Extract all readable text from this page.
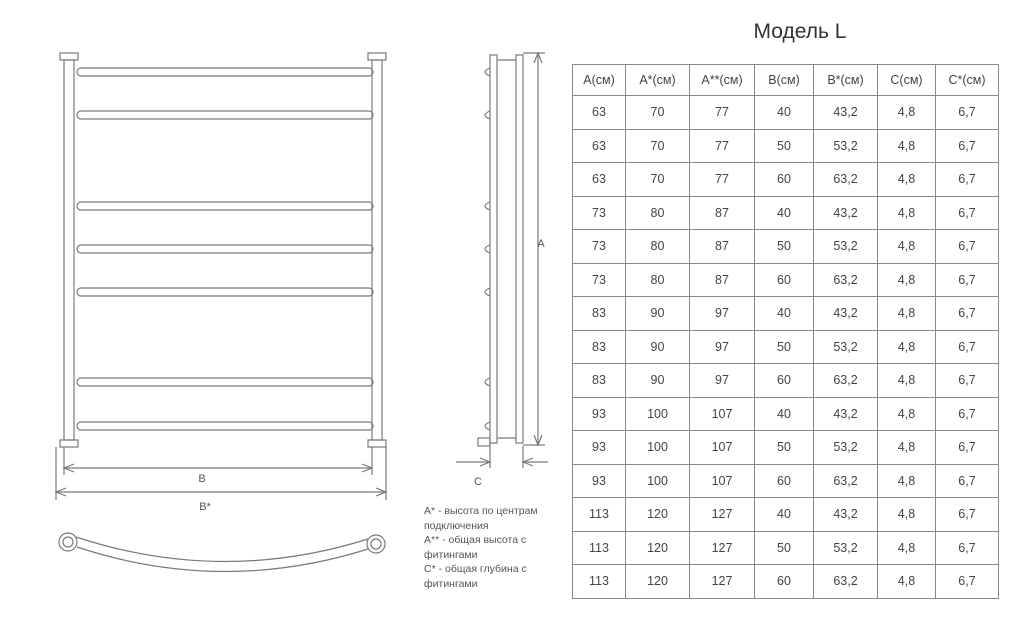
B
B*
A
C
Модель L
А(см)	А*(см)	А**(см)	В(см)	В*(см)	С(см)	С*(см)
63	70	77	40	43,2	4,8	6,7
63	70	77	50	53,2	4,8	6,7
63	70	77	60	63,2	4,8	6,7
73	80	87	40	43,2	4,8	6,7
73	80	87	50	53,2	4,8	6,7
73	80	87	60	63,2	4,8	6,7
83	90	97	40	43,2	4,8	6,7
83	90	97	50	53,2	4,8	6,7
83	90	97	60	63,2	4,8	6,7
93	100	107	40	43,2	4,8	6,7
93	100	107	50	53,2	4,8	6,7
93	100	107	60	63,2	4,8	6,7
113	120	127	40	43,2	4,8	6,7
113	120	127	50	53,2	4,8	6,7
113	120	127	60	63,2	4,8	6,7
А* - высота по центрам подключения
А** - общая высота с фитингами
С* - общая глубина с фитингами
